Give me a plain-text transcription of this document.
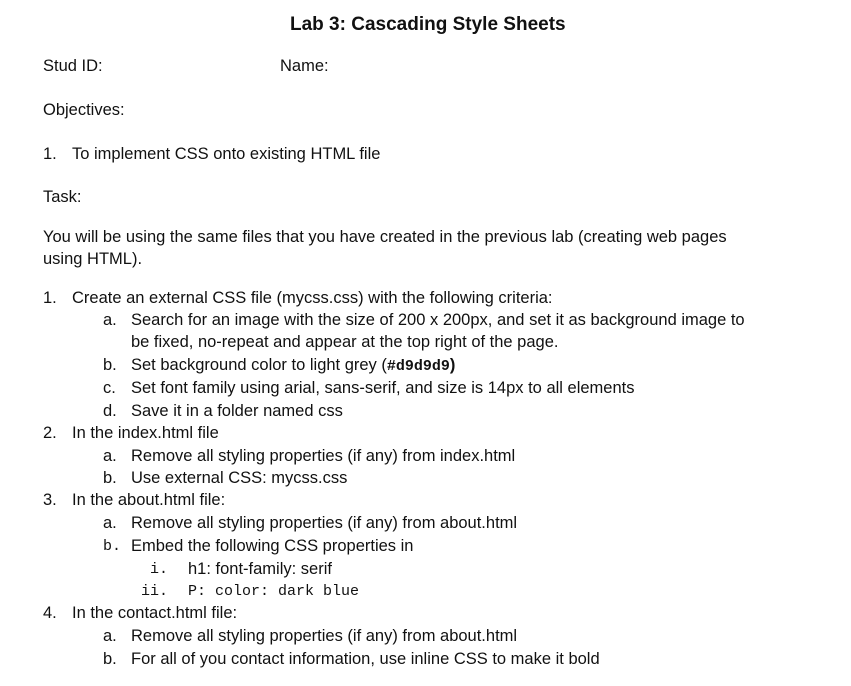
Lab 3: Cascading Style Sheets
Stud ID:	Name:
Objectives:
1. To implement CSS onto existing HTML file
Task:
You will be using the same files that you have created in the previous lab (creating web pages
using HTML).
1. Create an external CSS file (mycss.css) with the following criteria:
a. Search for an image with the size of 200 x 200px, and set it as background image to
be fixed, no-repeat and appear at the top right of the page.
b. Set background color to light grey (#d9d9d9)
c. Set font family using arial, sans-serif, and size is 14px to all elements
d. Save it in a folder named css
2. In the index.html file
a. Remove all styling properties (if any) from index.html
b. Use external CSS: mycss.css
3. In the about.html file:
a. Remove all styling properties (if any) from about.html
b. Embed the following CSS properties in
i. h1: font-family: serif
ii. P: color: dark blue
4. In the contact.html file:
a. Remove all styling properties (if any) from about.html
b. For all of you contact information, use inline CSS to make it bold
